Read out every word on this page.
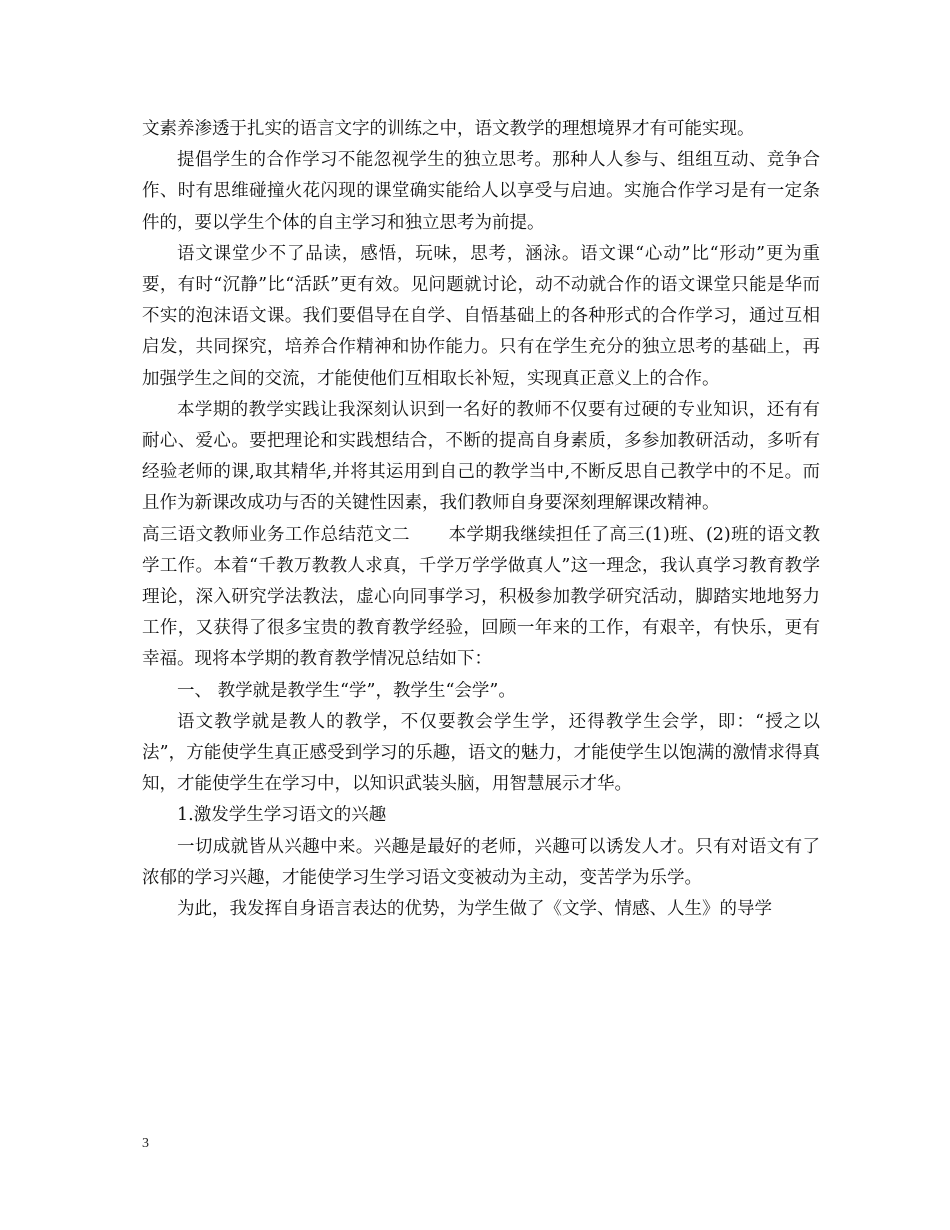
文素养渗透于扎实的语言文字的训练之中，语文教学的理想境界才有可能实现。

提倡学生的合作学习不能忽视学生的独立思考。那种人人参与、组组互动、竞争合作、时有思维碰撞火花闪现的课堂确实能给人以享受与启迪。实施合作学习是有一定条件的，要以学生个体的自主学习和独立思考为前提。

语文课堂少不了品读，感悟，玩味，思考，涵泳。语文课“心动”比“形动”更为重要，有时“沉静”比“活跃”更有效。见问题就讨论，动不动就合作的语文课堂只能是华而不实的泡沫语文课。我们要倡导在自学、自悟基础上的各种形式的合作学习，通过互相启发，共同探究，培养合作精神和协作能力。只有在学生充分的独立思考的基础上，再加强学生之间的交流，才能使他们互相取长补短，实现真正意义上的合作。

本学期的教学实践让我深刻认识到一名好的教师不仅要有过硬的专业知识，还有有耐心、爱心。要把理论和实践想结合，不断的提高自身素质，多参加教研活动，多听有经验老师的课,取其精华,并将其运用到自己的教学当中,不断反思自己教学中的不足。而且作为新课改成功与否的关键性因素，我们教师自身要深刻理解课改精神。

高三语文教师业务工作总结范文二 本学期我继续担任了高三(1)班、(2)班的语文教学工作。本着“千教万教教人求真，千学万学学做真人”这一理念，我认真学习教育教学理论，深入研究学法教法，虚心向同事学习，积极参加教学研究活动，脚踏实地地努力工作，又获得了很多宝贵的教育教学经验，回顾一年来的工作，有艰辛，有快乐，更有幸福。现将本学期的教育教学情况总结如下：

一、 教学就是教学生“学”，教学生“会学”。

语文教学就是教人的教学，不仅要教会学生学，还得教学生会学，即：“授之以法”，方能使学生真正感受到学习的乐趣，语文的魅力，才能使学生以饱满的激情求得真知，才能使学生在学习中，以知识武装头脑，用智慧展示才华。

1.激发学生学习语文的兴趣

一切成就皆从兴趣中来。兴趣是最好的老师，兴趣可以诱发人才。只有对语文有了浓郁的学习兴趣，才能使学习生学习语文变被动为主动，变苦学为乐学。

为此，我发挥自身语言表达的优势，为学生做了《文学、情感、人生》的导学

3
